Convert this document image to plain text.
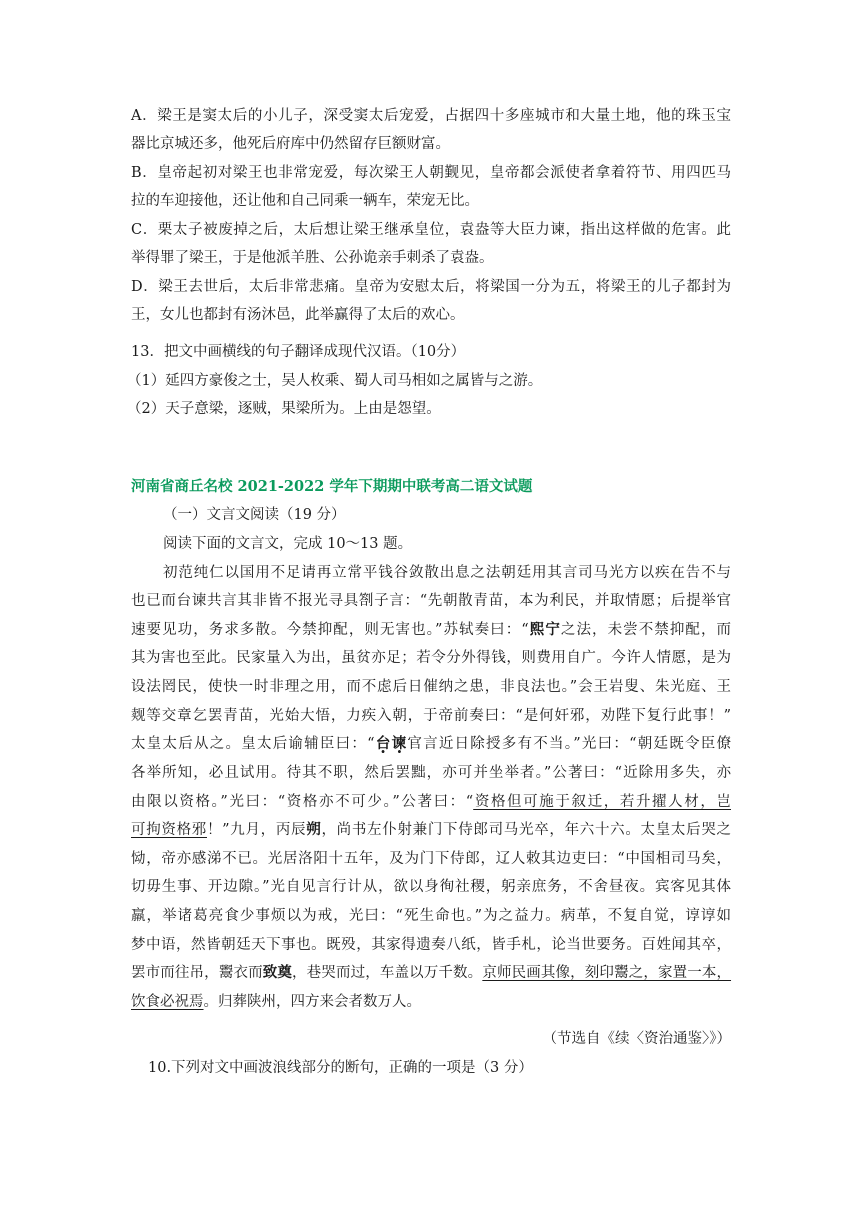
A．梁王是窦太后的小儿子，深受窦太后宠爱，占据四十多座城市和大量土地，他的珠玉宝

器比京城还多，他死后府库中仍然留存巨额财富。

B．皇帝起初对梁王也非常宠爱，每次梁王人朝觐见，皇帝都会派使者拿着符节、用四匹马

拉的车迎接他，还让他和自己同乘一辆车，荣宠无比。

C．栗太子被废掉之后，太后想让梁王继承皇位，袁盎等大臣力谏，指出这样做的危害。此

举得罪了梁王，于是他派羊胜、公孙诡亲手刺杀了袁盎。

D．梁王去世后，太后非常悲痛。皇帝为安慰太后，将梁国一分为五，将梁王的儿子都封为

王，女儿也都封有汤沐邑，此举赢得了太后的欢心。

13．把文中画横线的句子翻译成现代汉语。（10分）

（1）延四方豪俊之士，吴人枚乘、蜀人司马相如之属皆与之游。

（2）天子意梁，逐贼，果梁所为。上由是怨望。

河南省商丘名校 2021-2022 学年下期期中联考高二语文试题

（一）文言文阅读（19 分）

阅读下面的文言文，完成 10～13 题。

初范纯仁以国用不足请再立常平钱谷敛散出息之法朝廷用其言司马光方以疾在告不与

也已而台谏共言其非皆不报光寻具劄子言：“先朝散青苗，本为利民，并取情愿；后提举官

速要见功，务求多散。今禁抑配，则无害也。”苏轼奏曰：“熙宁之法，未尝不禁抑配，而

其为害也至此。民家量入为出，虽贫亦足；若令分外得钱，则费用自广。今许人情愿，是为

设法罔民，使快一时非理之用，而不虑后日催纳之患，非良法也。”会王岩叟、朱光庭、王

觌等交章乞罢青苗，光始大悟，力疾入朝，于帝前奏曰：“是何奸邪，劝陛下复行此事！”

太皇太后从之。皇太后谕辅臣曰：“台谏官言近日除授多有不当。”光曰：“朝廷既令臣僚

各举所知，必且试用。待其不职，然后罢黜，亦可并坐举者。”公著曰：“近除用多失，亦

由限以资格。”光曰：“资格亦不可少。”公著曰：“资格但可施于叙迁，若升擢人材，岂

可拘资格邪！”九月，丙辰朔，尚书左仆射兼门下侍郎司马光卒，年六十六。太皇太后哭之

恸，帝亦感涕不已。光居洛阳十五年，及为门下侍郎，辽人敕其边吏曰：“中国相司马矣，

切毋生事、开边隙。”光自见言行计从，欲以身徇社稷，躬亲庶务，不舍昼夜。宾客见其体

羸，举诸葛亮食少事烦以为戒，光曰：“死生命也。”为之益力。病革，不复自觉，谆谆如

梦中语，然皆朝廷天下事也。既殁，其家得遗奏八纸，皆手札，论当世要务。百姓闻其卒，

罢市而往吊，鬻衣而致奠，巷哭而过，车盖以万千数。京师民画其像，刻印鬻之，家置一本，

饮食必祝焉。归葬陕州，四方来会者数万人。

（节选自《续〈资治通鉴〉》）

10.下列对文中画波浪线部分的断句，正确的一项是（3 分）
